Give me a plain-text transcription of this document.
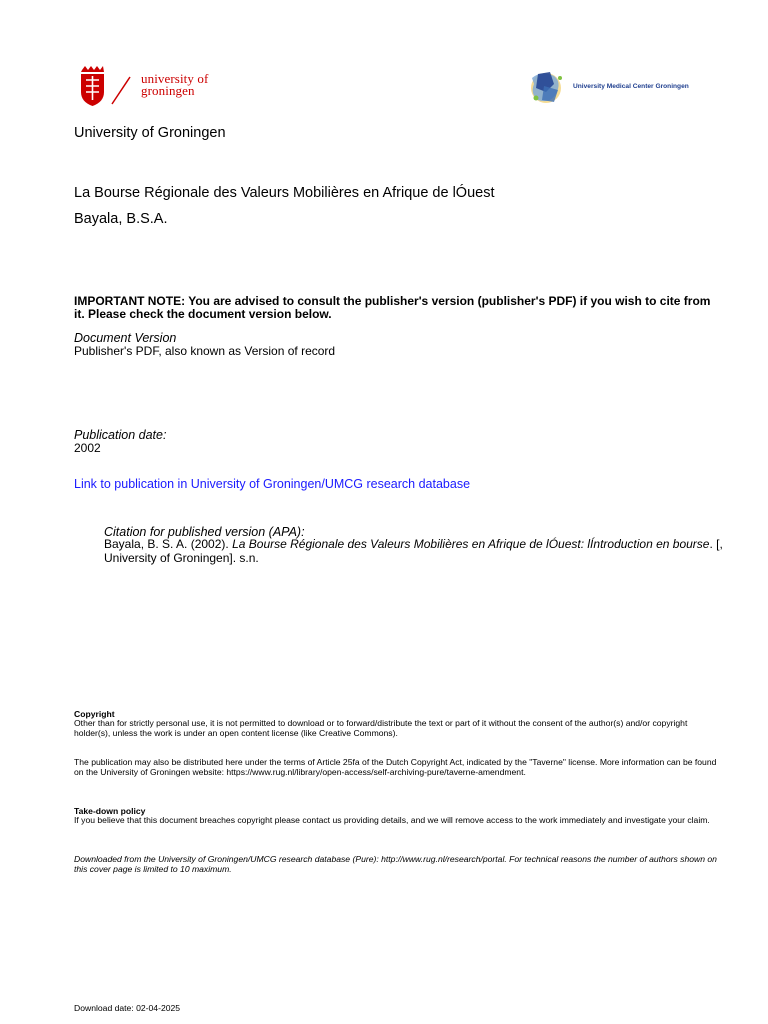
university of
groningen	University Medical Center Groningen
University of Groningen
La Bourse Régionale des Valeurs Mobilières en Afrique de lÓuest
Bayala, B.S.A.
IMPORTANT NOTE: You are advised to consult the publisher's version (publisher's PDF) if you wish to cite from it. Please check the document version below.
Document Version
Publisher's PDF, also known as Version of record
Publication date:
2002
Link to publication in University of Groningen/UMCG research database
Citation for published version (APA):
Bayala, B. S. A. (2002). La Bourse Régionale des Valeurs Mobilières en Afrique de lÓuest: lÍntroduction en bourse. [, University of Groningen]. s.n.
Copyright
Other than for strictly personal use, it is not permitted to download or to forward/distribute the text or part of it without the consent of the author(s) and/or copyright holder(s), unless the work is under an open content license (like Creative Commons).
The publication may also be distributed here under the terms of Article 25fa of the Dutch Copyright Act, indicated by the "Taverne" license. More information can be found on the University of Groningen website: https://www.rug.nl/library/open-access/self-archiving-pure/taverne-amendment.
Take-down policy
If you believe that this document breaches copyright please contact us providing details, and we will remove access to the work immediately and investigate your claim.
Downloaded from the University of Groningen/UMCG research database (Pure): http://www.rug.nl/research/portal. For technical reasons the number of authors shown on this cover page is limited to 10 maximum.
Download date: 02-04-2025
